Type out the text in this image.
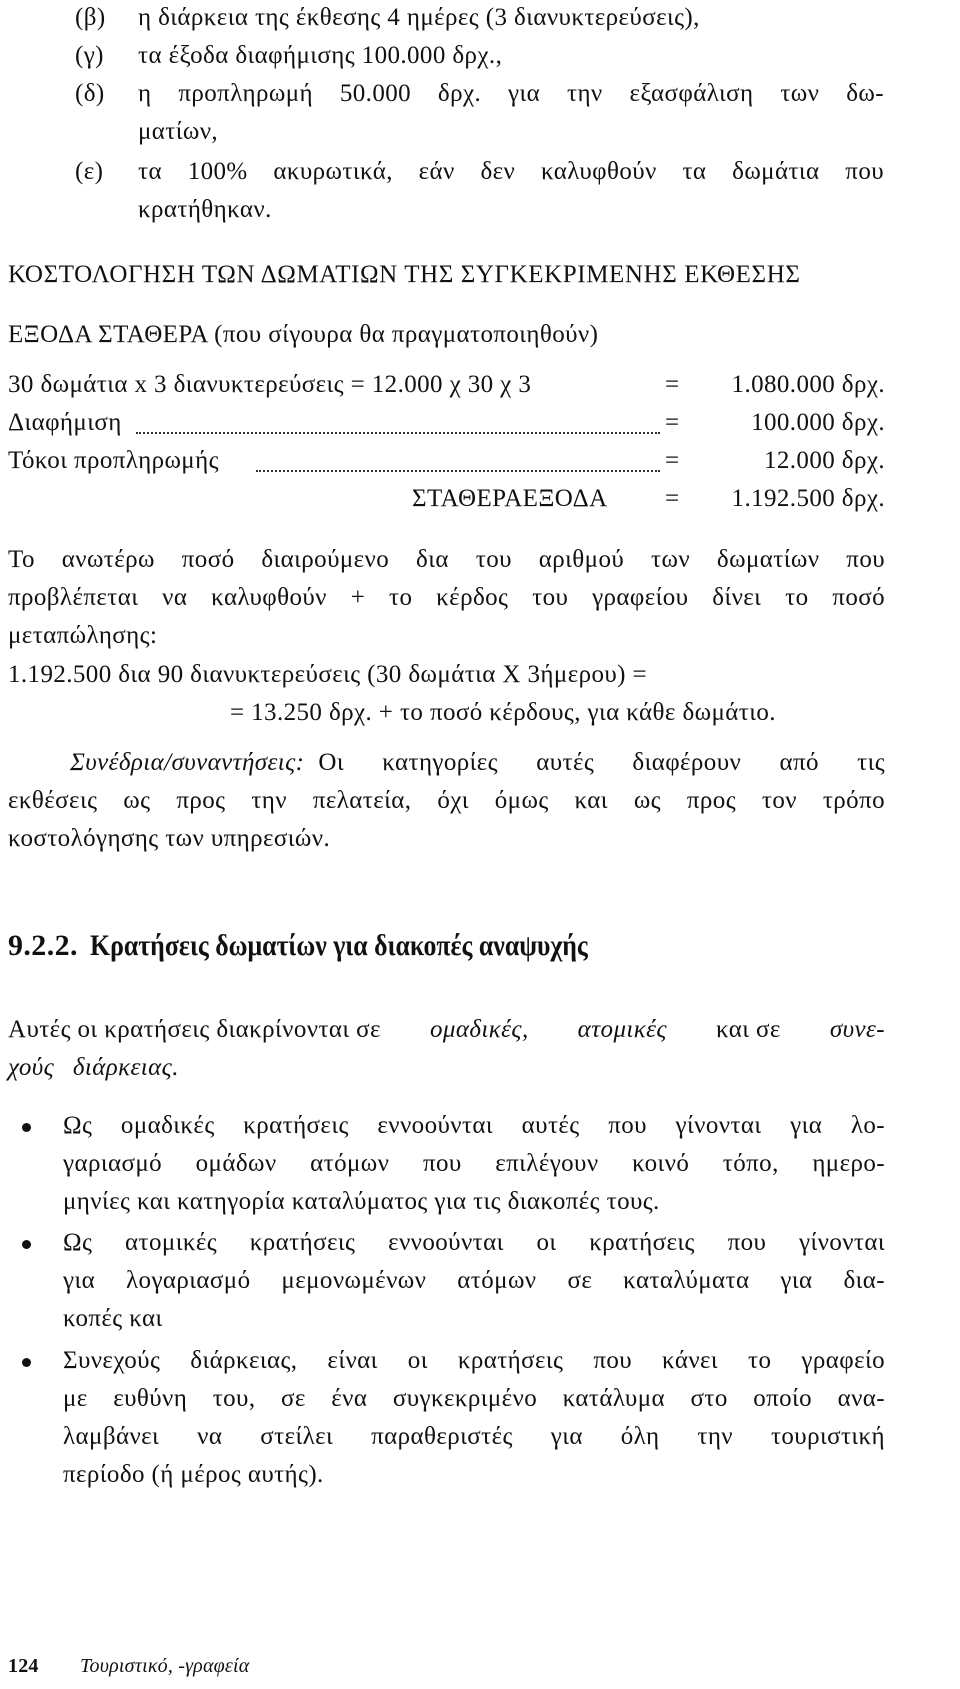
(β) η διάρκεια της έκθεσης 4 ημέρες (3 διανυκτερεύσεις),
(γ) τα έξοδα διαφήμισης 100.000 δρχ.,
(δ) η προπληρωμή 50.000 δρχ. για την εξασφάλιση των δω-
ματίων,
(ε) τα 100% ακυρωτικά, εάν δεν καλυφθούν τα δωμάτια που
κρατήθηκαν.
ΚΟΣΤΟΛΟΓΗΣΗ ΤΩΝ ΔΩΜΑΤΙΩΝ ΤΗΣ ΣΥΓΚΕΚΡΙΜΕΝΗΣ ΕΚΘΕΣΗΣ
ΕΞΟΔΑ ΣΤΑΘΕΡΑ (που σίγουρα θα πραγματοποιηθούν)
30 δωμάτια x 3 διανυκτερεύσεις = 12.000 χ 30 χ 3	=	1.080.000 δρχ.
Διαφήμιση	=	100.000 δρχ.
Τόκοι προπληρωμής	=	12.000 δρχ.
ΣΤΑΘΕΡΑΕΞΟΔΑ =	1.192.500 δρχ.
Το ανωτέρω ποσό διαιρούμενο δια του αριθμού των δωματίων που
προβλέπεται να καλυφθούν + το κέρδος του γραφείου δίνει το ποσό
μεταπώλησης:
1.192.500 δια 90 διανυκτερεύσεις (30 δωμάτια Χ 3ήμερου) =
= 13.250 δρχ. + το ποσό κέρδους, για κάθε δωμάτιο.
Συνέδρια/συναντήσεις: Οι κατηγορίες αυτές διαφέρουν από τις
εκθέσεις ως προς την πελατεία, όχι όμως και ως προς τον τρόπο
κοστολόγησης των υπηρεσιών.
9.2.2. Κρατήσεις δωματίων για διακοπές αναψυχής
Αυτές οι κρατήσεις διακρίνονται σε ομαδικές, ατομικές και σε συνε-
χούς διάρκειας.
Ως ομαδικές κρατήσεις εννοούνται αυτές που γίνονται για λο-
γαριασμό ομάδων ατόμων που επιλέγουν κοινό τόπο, ημερο-
μηνίες και κατηγορία καταλύματος για τις διακοπές τους.
Ως ατομικές κρατήσεις εννοούνται οι κρατήσεις που γίνονται
για λογαριασμό μεμονωμένων ατόμων σε καταλύματα για δια-
κοπές και
Συνεχούς διάρκειας, είναι οι κρατήσεις που κάνει το γραφείο
με ευθύνη του, σε ένα συγκεκριμένο κατάλυμα στο οποίο ανα-
λαμβάνει να στείλει παραθεριστές για όλη την τουριστική
περίοδο (ή μέρος αυτής).
124 Τουριστικό, -γραφεία
